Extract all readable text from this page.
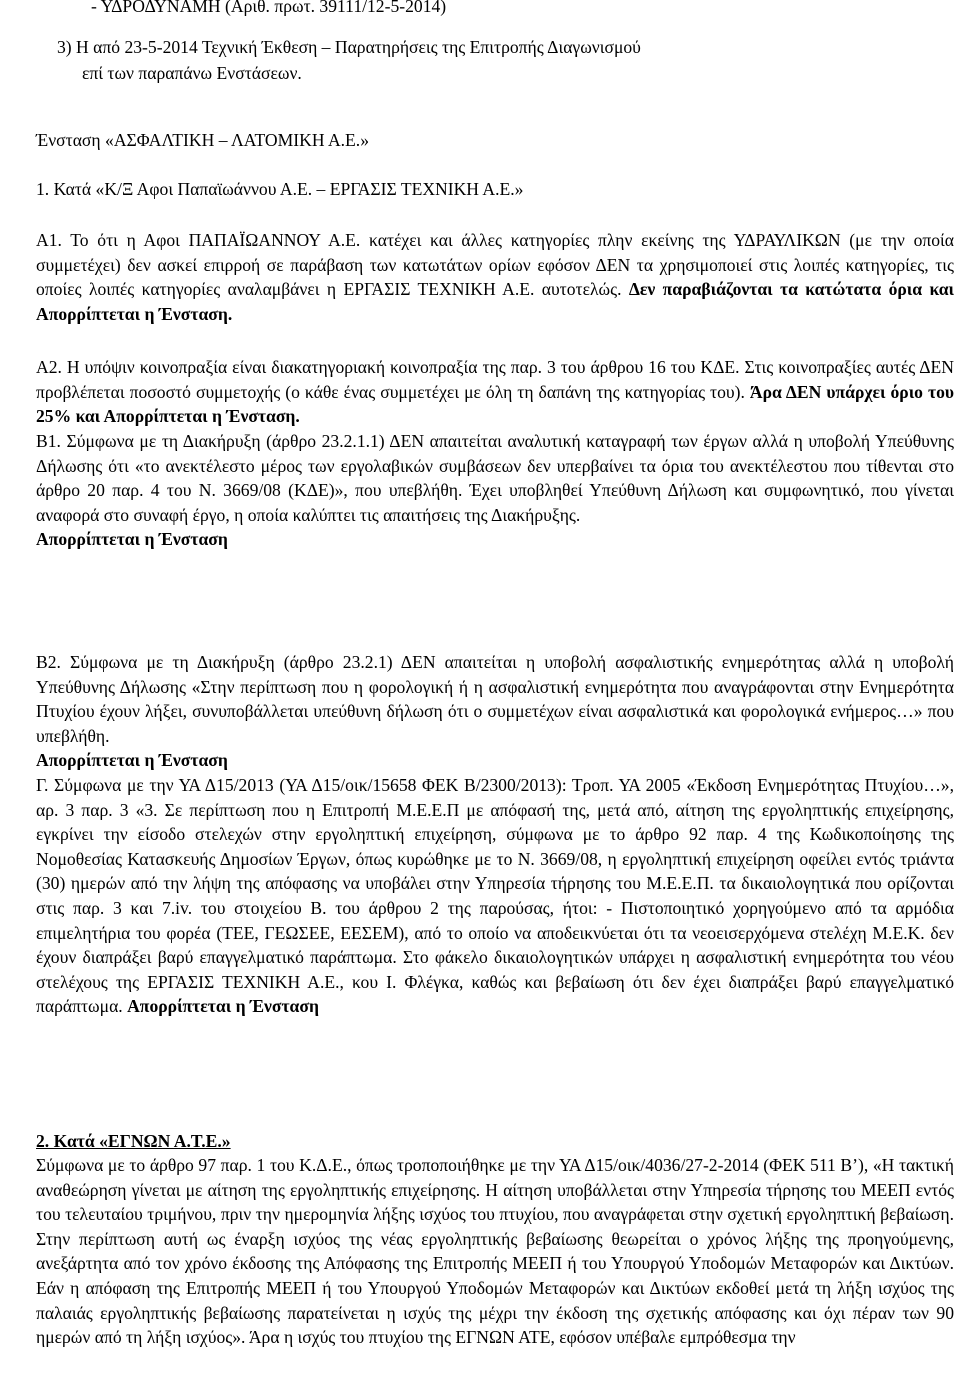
- ΥΔΡΟΔΥΝΑΜΗ (Αριθ. πρωτ. 39111/12-5-2014)
3) Η από 23-5-2014 Τεχνική Έκθεση – Παρατηρήσεις της Επιτροπής Διαγωνισμού
επί των παραπάνω Ενστάσεων.
Ένσταση «ΑΣΦΑΛΤΙΚΗ – ΛΑΤΟΜΙΚΗ Α.Ε.»
1. Κατά «Κ/Ξ Αφοι Παπαϊωάννου Α.Ε. – ΕΡΓΑΣΙΣ ΤΕΧΝΙΚΗ Α.Ε.»

Α1. Το ότι η Αφοι ΠΑΠΑΪΩΑΝΝΟΥ Α.Ε. κατέχει και άλλες κατηγορίες πλην εκείνης της ΥΔΡΑΥΛΙΚΩΝ (με την οποία συμμετέχει) δεν ασκεί επιρροή σε παράβαση των κατωτάτων ορίων εφόσον ΔΕΝ τα χρησιμοποιεί στις λοιπές κατηγορίες, τις οποίες λοιπές κατηγορίες αναλαμβάνει η ΕΡΓΑΣΙΣ ΤΕΧΝΙΚΗ Α.Ε. αυτοτελώς. Δεν παραβιάζονται τα κατώτατα όρια και Απορρίπτεται η Ένσταση.

Α2. Η υπόψιν κοινοπραξία είναι διακατηγοριακή κοινοπραξία της παρ. 3 του άρθρου 16 του ΚΔΕ. Στις κοινοπραξίες αυτές ΔΕΝ προβλέπεται ποσοστό συμμετοχής (ο κάθε ένας συμμετέχει με όλη τη δαπάνη της κατηγορίας του). Άρα ΔΕΝ υπάρχει όριο του 25% και Απορρίπτεται η Ένσταση.

Β1. Σύμφωνα με τη Διακήρυξη (άρθρο 23.2.1.1) ΔΕΝ απαιτείται αναλυτική καταγραφή των έργων αλλά η υποβολή Υπεύθυνης Δήλωσης ότι «το ανεκτέλεστο μέρος των εργολαβικών συμβάσεων δεν υπερβαίνει τα όρια του ανεκτέλεστου που τίθενται στο άρθρο 20 παρ. 4 του Ν. 3669/08 (ΚΔΕ)», που υπεβλήθη. Έχει υποβληθεί Υπεύθυνη Δήλωση και συμφωνητικό, που γίνεται αναφορά στο συναφή έργο, η οποία καλύπτει τις απαιτήσεις της Διακήρυξης.
Απορρίπτεται η Ένσταση

Β2. Σύμφωνα με τη Διακήρυξη (άρθρο 23.2.1) ΔΕΝ απαιτείται η υποβολή ασφαλιστικής ενημερότητας αλλά η υποβολή Υπεύθυνης Δήλωσης «Στην περίπτωση που η φορολογική ή η ασφαλιστική ενημερότητα που αναγράφονται στην Ενημερότητα Πτυχίου έχουν λήξει, συνυποβάλλεται υπεύθυνη δήλωση ότι ο συμμετέχων είναι ασφαλιστικά και φορολογικά ενήμερος…» που υπεβλήθη.
Απορρίπτεται η Ένσταση

Γ. Σύμφωνα με την ΥΑ Δ15/2013 (ΥΑ Δ15/οικ/15658 ΦΕΚ Β/2300/2013): Τροπ. ΥΑ 2005 «Έκδοση Ενημερότητας Πτυχίου…», αρ. 3 παρ. 3 «3. Σε περίπτωση που η Επιτροπή Μ.Ε.Ε.Π με απόφασή της, μετά από, αίτηση της εργοληπτικής επιχείρησης, εγκρίνει την είσοδο στελεχών στην εργοληπτική επιχείρηση, σύμφωνα με το άρθρο 92 παρ. 4 της Κωδικοποίησης της Νομοθεσίας Κατασκευής Δημοσίων Έργων, όπως κυρώθηκε με το Ν. 3669/08, η εργοληπτική επιχείρηση οφείλει εντός τριάντα (30) ημερών από την λήψη της απόφασης να υποβάλει στην Υπηρεσία τήρησης του Μ.Ε.Ε.Π. τα δικαιολογητικά που ορίζονται στις παρ. 3 και 7.iv. του στοιχείου Β. του άρθρου 2 της παρούσας, ήτοι: - Πιστοποιητικό χορηγούμενο από τα αρμόδια επιμελητήρια του φορέα (ΤΕΕ, ΓΕΩΣΕΕ, ΕΕΣΕΜ), από το οποίο να αποδεικνύεται ότι τα νεοεισερχόμενα στελέχη Μ.Ε.Κ. δεν έχουν διαπράξει βαρύ επαγγελματικό παράπτωμα. Στο φάκελο δικαιολογητικών υπάρχει η ασφαλιστική ενημερότητα του νέου στελέχους της ΕΡΓΑΣΙΣ ΤΕΧΝΙΚΗ Α.Ε., κου Ι. Φλέγκα, καθώς και βεβαίωση ότι δεν έχει διαπράξει βαρύ επαγγελματικό παράπτωμα. Απορρίπτεται η Ένσταση

2. Κατά «ΕΓΝΩΝ Α.Τ.Ε.»

Σύμφωνα με το άρθρο 97 παρ. 1 του Κ.Δ.Ε., όπως τροποποιήθηκε με την ΥΑ Δ15/οικ/4036/27-2-2014 (ΦΕΚ 511 Β’), «Η τακτική αναθεώρηση γίνεται με αίτηση της εργοληπτικής επιχείρησης. Η αίτηση υποβάλλεται στην Υπηρεσία τήρησης του ΜΕΕΠ εντός του τελευταίου τριμήνου, πριν την ημερομηνία λήξης ισχύος του πτυχίου, που αναγράφεται στην σχετική εργοληπτική βεβαίωση. Στην περίπτωση αυτή ως έναρξη ισχύος της νέας εργοληπτικής βεβαίωσης θεωρείται ο χρόνος λήξης της προηγούμενης, ανεξάρτητα από τον χρόνο έκδοσης της Απόφασης της Επιτροπής ΜΕΕΠ ή του Υπουργού Υποδομών Μεταφορών και Δικτύων. Εάν η απόφαση της Επιτροπής ΜΕΕΠ ή του Υπουργού Υποδομών Μεταφορών και Δικτύων εκδοθεί μετά τη λήξη ισχύος της παλαιάς εργοληπτικής βεβαίωσης παρατείνεται η ισχύς της μέχρι την έκδοση της σχετικής απόφασης και όχι πέραν των 90 ημερών από τη λήξη ισχύος». Άρα η ισχύς του πτυχίου της ΕΓΝΩΝ ΑΤΕ, εφόσον υπέβαλε εμπρόθεσμα την
